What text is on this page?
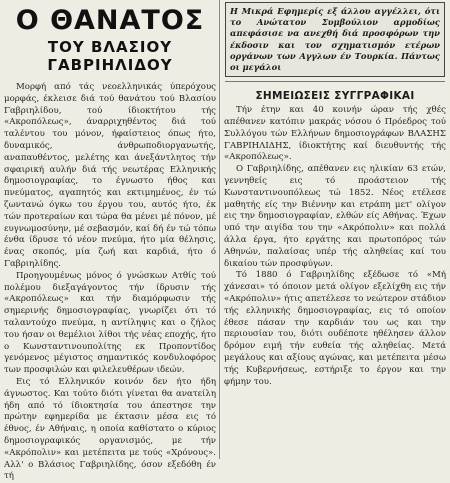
Ο ΘΑΝΑΤΟΣ
ΤΟΥ ΒΛΑΣΙΟΥ ΓΑΒΡΙΗΛΙΔΟΥ

Μορφή από τάς νεοελληνικάς ύπερόχους μορφάς, έκλεισε διά τού θανάτου τού Βλασίου Γαβριηλίδου, τού ίδιοκτήτου τής «Ακροπόλεως», άναρριχηθέντος διά τού ταλέντου του μόνον, ήφαίστειος όπως ήτο, δυναμικός, άνθρωποδιοργανωτής, αναπαυθέντος, μελέτης και άνεξάντλητος τήν σφαιρική αυλήν διά τής νεωτέρας Ελληνικής δημοσιογραφίας, το έγνωστο ήθος και πνεύματος, αγαπητός και εκτιμημένος, έν τώ ζωντανώ όγκω του έργου του, αυτός ήτο, έκ τών προτεραίων και τώρα θα μένει μέ πόνον, μέ ευγνωμοσύνην, μέ σεβασμόν, καί δή έν τώ τόπω ένθα ίδρυσε τό νέον πνεύμα, ήτο μία θέλησις, ένας σκοπός, μία ζωή και καρδιά, ήτο ό Γαβριηλίδης.

Προηγουμένως μόνος ό γνώσκων Ατθίς τού πολέμου διεξαγάγοντος τήν ίδρυσιν τής «Ακροπόλεως» και τήν διαμόρφωσιν τής σημερινής δημοσιογραφίας, γνωρίζει ότι τό ταλαντούχο πνεύμα, η αντίληψις και ο ζήλος του ήσαν οι θεμέλιοι λίθοι τής νέας εποχής, ήτο ο Κωνσταντινουπολίτης εκ Προποντίδος γενόμενος μέγιστος σημαντικός κονδυλοφόρος των προσφιλών και φιλελευθέρων ιδεών.

Εις τό Ελληνικόν κοινόν δεν ήτο ήδη άγνωστος. Και τούτο διότι γίνεται θα ανατείλη ήδη από τό ίδιοκτησία του άπεστησε την πρώτην εφημερίδα με έκτασιν μέσα εις τό έθνος, έν Αθήναις, η οποία καθίστατο ο κύριος δημοσιογραφικός οργανισμός, με τήν «Ακρόπολιν» και μετέπειτα με τούς «Χρόνους». Αλλ' ο Βλάσιος Γαβριηλίδης, όσον εξεδόθη έν τή

Η Μικρά Εφημερίς εξ άλλου αγγέλλει, ότι το Ανώτατον Συμβούλιον αρμοδίως απεφάσισε να ανεχθή διά προσφόρων την έκδοσιν και τον σχηματισμόν ετέρων οργάνων των Αγγλων έν Τουρκία. Πάντως οι μεγάλοι

ΣΗΜΕΙΩΣΕΙΣ ΣΥΓΓΡΑΦΙΚΑΙ

Τήν έτην και 40 κοινήν ώραν τής χθές απέθανεν κατόπιν μακράς νόσου ό Πρόεδρος τού Συλλόγου τών Ελλήνων δημοσιογράφων ΒΛΑΣΗΣ ΓΑΒΡΙΗΛΙΔΗΣ, ίδιοκτήτης καί διευθυντής τής «Ακροπόλεως».

Ο Γαβριηλίδης, απέθανεν εις ηλικίαν 63 ετών, γεννηθείς εις τό προάστειον τής Κωνσταντινουπόλεως τώ 1852. Νέος ετέλεσε μαθητής είς την Βιέννην και ετράπη μετ' ολίγον εις την δημοσιογραφίαν, ελθών είς Αθήνας. Έχων υπό την αιγίδα του την «Ακρόπολιν» και πολλά άλλα έργα, ήτο εργάτης και πρωτοπόρος τών Αθηνών, παλαίσας υπέρ τής αληθείας καί του δικαίου τών προσφύγων.

Τό 1880 ό Γαβριηλίδης εξέδωσε τό «Μή χάνεσαι» τό όποιον μετά ολίγον εξελίχθη εις τήν «Ακρόπολιν» ήτις απετέλεσε το νεώτερον στάδιον τής ελληνικής δημοσιογραφίας, εις τό οποίον έθεσε πάσαν την καρδιάν του ως και την περιουσίαν του, διότι ουδέποτε ηθέλησεν άλλον δρόμον ειμή τήν ευθεία τής αληθείας. Μετά μεγάλους και αξίους αγώνας, και μετέπειτα μέσω τής Κυβερνήσεως, εστήριξε το έργον και την φήμην του.
